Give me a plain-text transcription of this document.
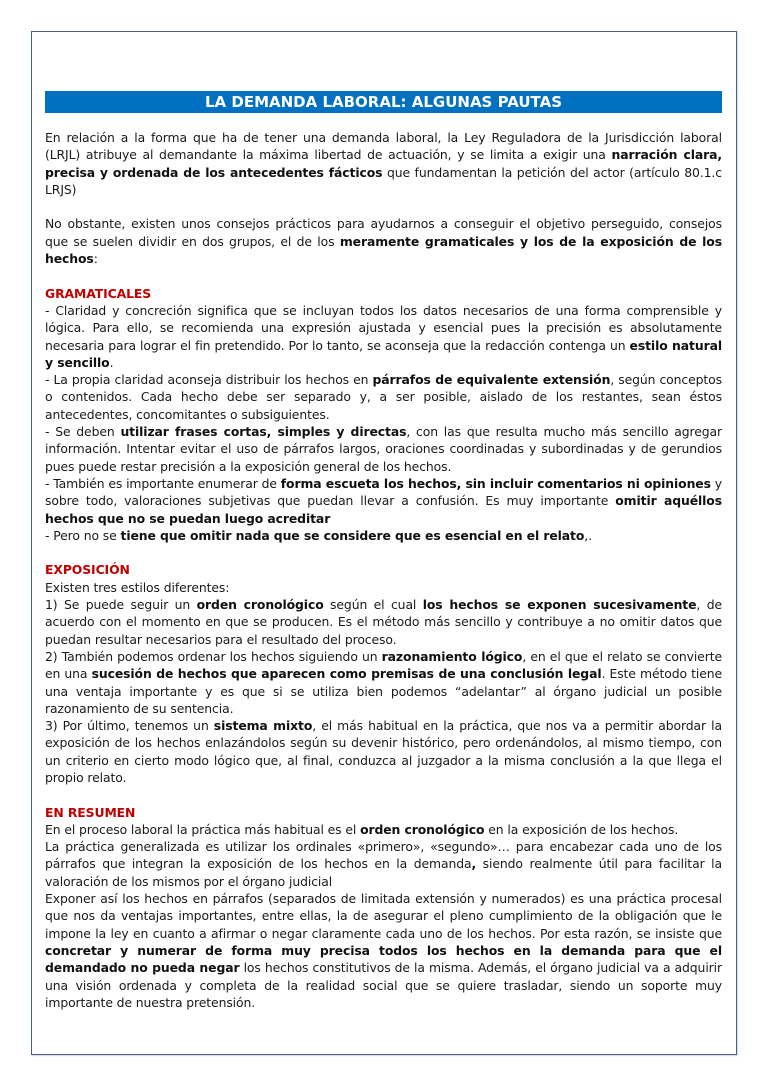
LA DEMANDA LABORAL: ALGUNAS PAUTAS

En relación a la forma que ha de tener una demanda laboral, la Ley Reguladora de la Jurisdicción laboral (LRJL) atribuye al demandante la máxima libertad de actuación, y se limita a exigir una narración clara, precisa y ordenada de los antecedentes fácticos que fundamentan la petición del actor (artículo 80.1.c LRJS)

No obstante, existen unos consejos prácticos para ayudarnos a conseguir el objetivo perseguido, consejos que se suelen dividir en dos grupos, el de los meramente gramaticales y los de la exposición de los hechos:

GRAMATICALES

- Claridad y concreción significa que se incluyan todos los datos necesarios de una forma comprensible y lógica. Para ello, se recomienda una expresión ajustada y esencial pues la precisión es absolutamente necesaria para lograr el fin pretendido. Por lo tanto, se aconseja que la redacción contenga un estilo natural y sencillo.

- La propia claridad aconseja distribuir los hechos en párrafos de equivalente extensión, según conceptos o contenidos. Cada hecho debe ser separado y, a ser posible, aislado de los restantes, sean éstos antecedentes, concomitantes o subsiguientes.

- Se deben utilizar frases cortas, simples y directas, con las que resulta mucho más sencillo agregar información. Intentar evitar el uso de párrafos largos, oraciones coordinadas y subordinadas y de gerundios pues puede restar precisión a la exposición general de los hechos.

- También es importante enumerar de forma escueta los hechos, sin incluir comentarios ni opiniones y sobre todo, valoraciones subjetivas que puedan llevar a confusión. Es muy importante omitir aquéllos hechos que no se puedan luego acreditar

- Pero no se tiene que omitir nada que se considere que es esencial en el relato,.

EXPOSICIÓN

Existen tres estilos diferentes:

1) Se puede seguir un orden cronológico según el cual los hechos se exponen sucesivamente, de acuerdo con el momento en que se producen. Es el método más sencillo y contribuye a no omitir datos que puedan resultar necesarios para el resultado del proceso.

2) También podemos ordenar los hechos siguiendo un razonamiento lógico, en el que el relato se convierte en una sucesión de hechos que aparecen como premisas de una conclusión legal. Este método tiene una ventaja importante y es que si se utiliza bien podemos “adelantar” al órgano judicial un posible razonamiento de su sentencia.

3) Por último, tenemos un sistema mixto, el más habitual en la práctica, que nos va a permitir abordar la exposición de los hechos enlazándolos según su devenir histórico, pero ordenándolos, al mismo tiempo, con un criterio en cierto modo lógico que, al final, conduzca al juzgador a la misma conclusión a la que llega el propio relato.

EN RESUMEN

En el proceso laboral la práctica más habitual es el orden cronológico en la exposición de los hechos.

La práctica generalizada es utilizar los ordinales «primero», «segundo»… para encabezar cada uno de los párrafos que integran la exposición de los hechos en la demanda, siendo realmente útil para facilitar la valoración de los mismos por el órgano judicial

Exponer así los hechos en párrafos (separados de limitada extensión y numerados) es una práctica procesal que nos da ventajas importantes, entre ellas, la de asegurar el pleno cumplimiento de la obligación que le impone la ley en cuanto a afirmar o negar claramente cada uno de los hechos. Por esta razón, se insiste que concretar y numerar de forma muy precisa todos los hechos en la demanda para que el demandado no pueda negar los hechos constitutivos de la misma. Además, el órgano judicial va a adquirir una visión ordenada y completa de la realidad social que se quiere trasladar, siendo un soporte muy importante de nuestra pretensión.
